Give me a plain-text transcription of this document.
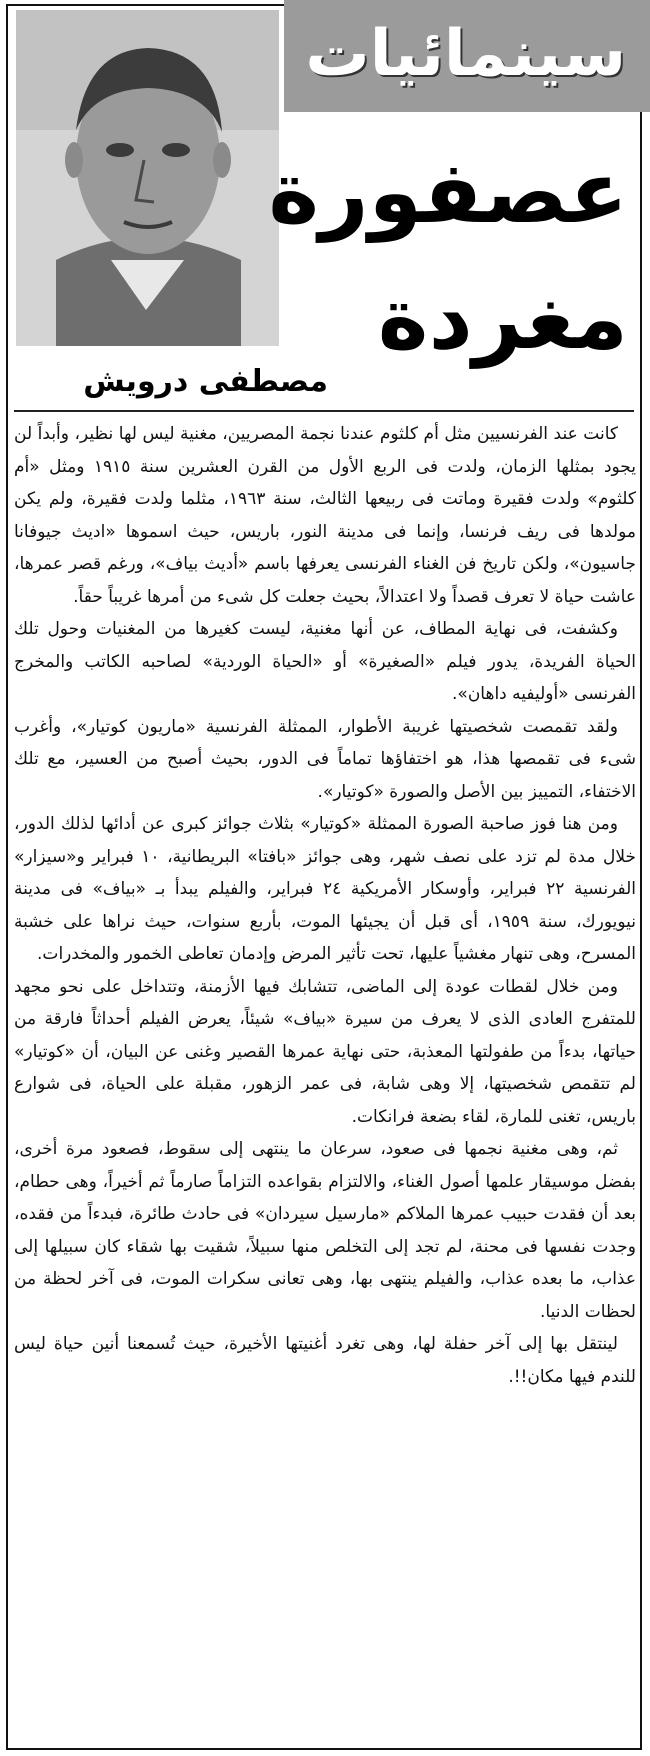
سينمائيات
عصفورة
مغردة
مصطفى درويش

كانت عند الفرنسيين مثل أم كلثوم عندنا نجمة المصريين، مغنية ليس لها نظير، وأبداً لن يجود بمثلها الزمان، ولدت فى الربع الأول من القرن العشرين سنة ١٩١٥ ومثل «أم كلثوم» ولدت فقيرة وماتت فى ربيعها الثالث، سنة ١٩٦٣، مثلما ولدت فقيرة، ولم يكن مولدها فى ريف فرنسا، وإنما فى مدينة النور، باريس، حيث اسموها «اديث جيوفانا جاسيون»، ولكن تاريخ فن الغناء الفرنسى يعرفها باسم «أديث بياف»، ورغم قصر عمرها، عاشت حياة لا تعرف قصداً ولا اعتدالاً، بحيث جعلت كل شىء من أمرها غريباً حقاً.

وكشفت، فى نهاية المطاف، عن أنها مغنية، ليست كغيرها من المغنيات وحول تلك الحياة الفريدة، يدور فيلم «الصغيرة» أو «الحياة الوردية» لصاحبه الكاتب والمخرج الفرنسى «أوليفيه داهان».

ولقد تقمصت شخصيتها غريبة الأطوار، الممثلة الفرنسية «ماريون كوتيار»، وأغرب شىء فى تقمصها هذا، هو اختفاؤها تماماً فى الدور، بحيث أصبح من العسير، مع تلك الاختفاء، التمييز بين الأصل والصورة «كوتيار».

ومن هنا فوز صاحبة الصورة الممثلة «كوتيار» بثلاث جوائز كبرى عن أدائها لذلك الدور، خلال مدة لم تزد على نصف شهر، وهى جوائز «بافتا» البريطانية، ١٠ فبراير و«سيزار» الفرنسية ٢٢ فبراير، وأوسكار الأمريكية ٢٤ فبراير، والفيلم يبدأ بـ «بياف» فى مدينة نيويورك، سنة ١٩٥٩، أى قبل أن يجيئها الموت، بأربع سنوات، حيث نراها على خشبة المسرح، وهى تنهار مغشياً عليها، تحت تأثير المرض وإدمان تعاطى الخمور والمخدرات.

ومن خلال لقطات عودة إلى الماضى، تتشابك فيها الأزمنة، وتتداخل على نحو مجهد للمتفرج العادى الذى لا يعرف من سيرة «بياف» شيئاً، يعرض الفيلم أحداثاً فارقة من حياتها، بدءاً من طفولتها المعذبة، حتى نهاية عمرها القصير وغنى عن البيان، أن «كوتيار» لم تتقمص شخصيتها، إلا وهى شابة، فى عمر الزهور، مقبلة على الحياة، فى شوارع باريس، تغنى للمارة، لقاء بضعة فرانكات.

ثم، وهى مغنية نجمها فى صعود، سرعان ما ينتهى إلى سقوط، فصعود مرة أخرى، بفضل موسيقار علمها أصول الغناء، والالتزام بقواعده التزاماً صارماً ثم أخيراً، وهى حطام، بعد أن فقدت حبيب عمرها الملاكم «مارسيل سيردان» فى حادث طائرة، فبدءاً من فقده، وجدت نفسها فى محنة، لم تجد إلى التخلص منها سبيلاً، شقيت بها شقاء كان سبيلها إلى عذاب، ما بعده عذاب، والفيلم ينتهى بها، وهى تعانى سكرات الموت، فى آخر لحظة من لحظات الدنيا.

لينتقل بها إلى آخر حفلة لها، وهى تغرد أغنيتها الأخيرة، حيث تُسمعنا أنين حياة ليس للندم فيها مكان!!.
